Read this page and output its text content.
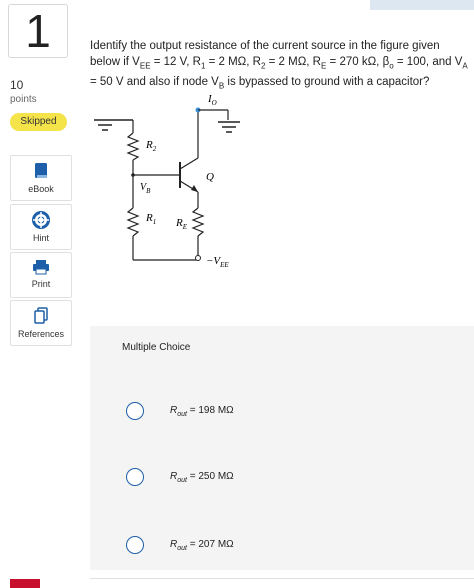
1
10
points
Skipped
eBook
Hint
Print
References
Identify the output resistance of the current source in the figure given below if $V_{EE} = 12$ V, $R_1 = 2$ MΩ, $R_2 = 2$ MΩ, $R_E = 270$ kΩ, $\beta_o = 100$, and $V_A = 50$ V and also if node $V_B$ is bypassed to ground with a capacitor?
$I_O$
$R_2$
$V_B$
$R_1$
Q
$R_E$
$-V_{EE}$
Multiple Choice
$R_{out} = 198$ MΩ
$R_{out} = 250$ MΩ
$R_{out} = 207$ MΩ
